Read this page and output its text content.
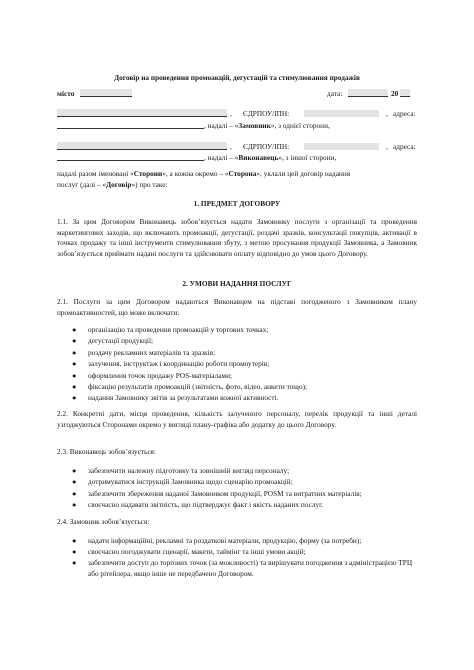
Договір на проведення промоакцій, дегустацій та стимулювання продажів
місто	дата:	20
, ЄДРПОУ/ІПН:	, адреса:
, надалі – «Замовник», з однієї сторони,
, ЄДРПОУ/ІПН:	, адреса:
, надалі – «Виконавець», з іншої сторони,
надалі разом іменовані «Сторони», а кожна окремо – «Сторона», уклали цей договір надання
послуг (далі – «Договір») про таке:
1. ПРЕДМЕТ ДОГОВОРУ
1.1. За цим Договором Виконавець зобов’язується надати Замовнику послуги з організації та проведення маркетингових заходів, що включають промоакції, дегустації, роздачі зразків, консультації покупців, активації в точках продажу та інші інструменти стимулювання збуту, з метою просування продукції Замовника, а Замовник зобов’язується приймати надані послуги та здійснювати оплату відповідно до умов цього Договору.
2. УМОВИ НАДАННЯ ПОСЛУГ
2.1. Послуги за цим Договором надаються Виконавцем на підставі погодженого з Замовником плану промоактивностей, що може включати:
● організацію та проведення промоакцій у торгових точках;
● дегустації продукції;
● роздачу рекламних матеріалів та зразків;
● залучення, інструктаж і координацію роботи промоутерів;
● оформлення точок продажу POS-матеріалами;
● фіксацію результатів промоакцій (звітність, фото, відео, анкети тощо);
● надання Замовнику звітів за результатами кожної активності.
2.2. Конкретні дати, місця проведення, кількість залученого персоналу, перелік продукції та інші деталі узгоджуються Сторонами окремо у вигляді плану-графіка або додатку до цього Договору.
2.3. Виконавець зобов’язується:
● забезпечити належну підготовку та зовнішній вигляд персоналу;
● дотримуватися інструкцій Замовника щодо сценарію промоакцій;
● забезпечити збереження наданої Замовником продукції, POSM та витратних матеріалів;
● своєчасно надавати звітність, що підтверджує факт і якість наданих послуг.
2.4. Замовник зобов’язується:
● надати інформаційні, рекламні та роздаткові матеріали, продукцію, форму (за потреби);
● своєчасно погоджувати сценарії, макети, таймінг та інші умови акцій;
● забезпечити доступ до торгових точок (за можливості) та вирішувати погодження з адміністрацією ТРЦ або рітейлера, якщо інше не передбачено Договором.
